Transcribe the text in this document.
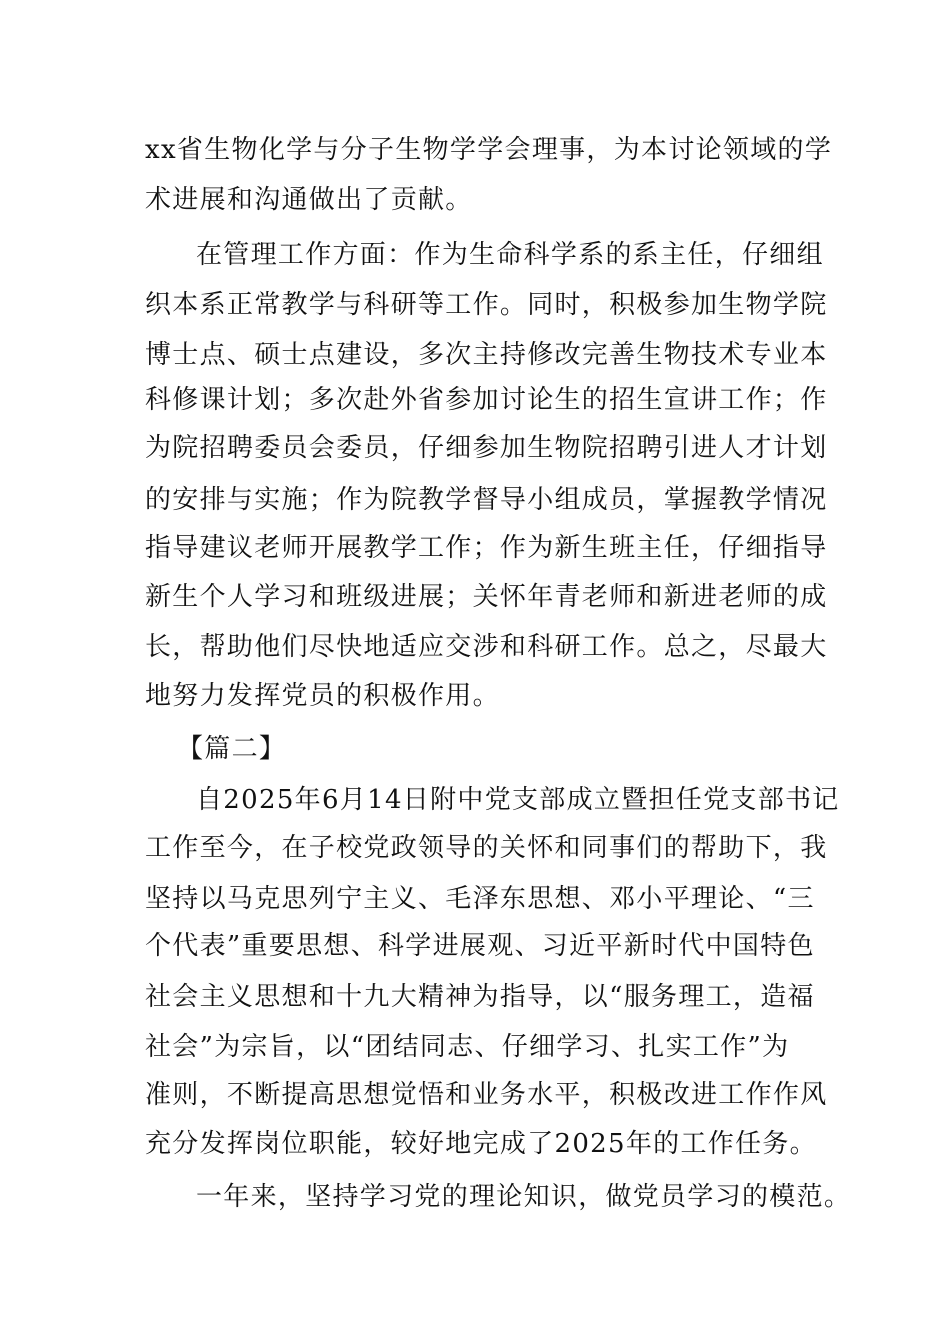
xx省生物化学与分子生物学学会理事，为本讨论领域的学

术进展和沟通做出了贡献。

在管理工作方面：作为生命科学系的系主任，仔细组

织本系正常教学与科研等工作。同时，积极参加生物学院

博士点、硕士点建设，多次主持修改完善生物技术专业本

科修课计划；多次赴外省参加讨论生的招生宣讲工作；作

为院招聘委员会委员，仔细参加生物院招聘引进人才计划

的安排与实施；作为院教学督导小组成员，掌握教学情况

指导建议老师开展教学工作；作为新生班主任，仔细指导

新生个人学习和班级进展；关怀年青老师和新进老师的成

长，帮助他们尽快地适应交涉和科研工作。总之，尽最大

地努力发挥党员的积极作用。

【篇二】

自2025年6月14日附中党支部成立暨担任党支部书记

工作至今，在子校党政领导的关怀和同事们的帮助下，我

坚持以马克思列宁主义、毛泽东思想、邓小平理论、“三

个代表”重要思想、科学进展观、习近平新时代中国特色

社会主义思想和十九大精神为指导，以“服务理工，造福

社会”为宗旨，以“团结同志、仔细学习、扎实工作”为

准则，不断提高思想觉悟和业务水平，积极改进工作作风

充分发挥岗位职能，较好地完成了2025年的工作任务。

一年来，坚持学习党的理论知识，做党员学习的模范。
